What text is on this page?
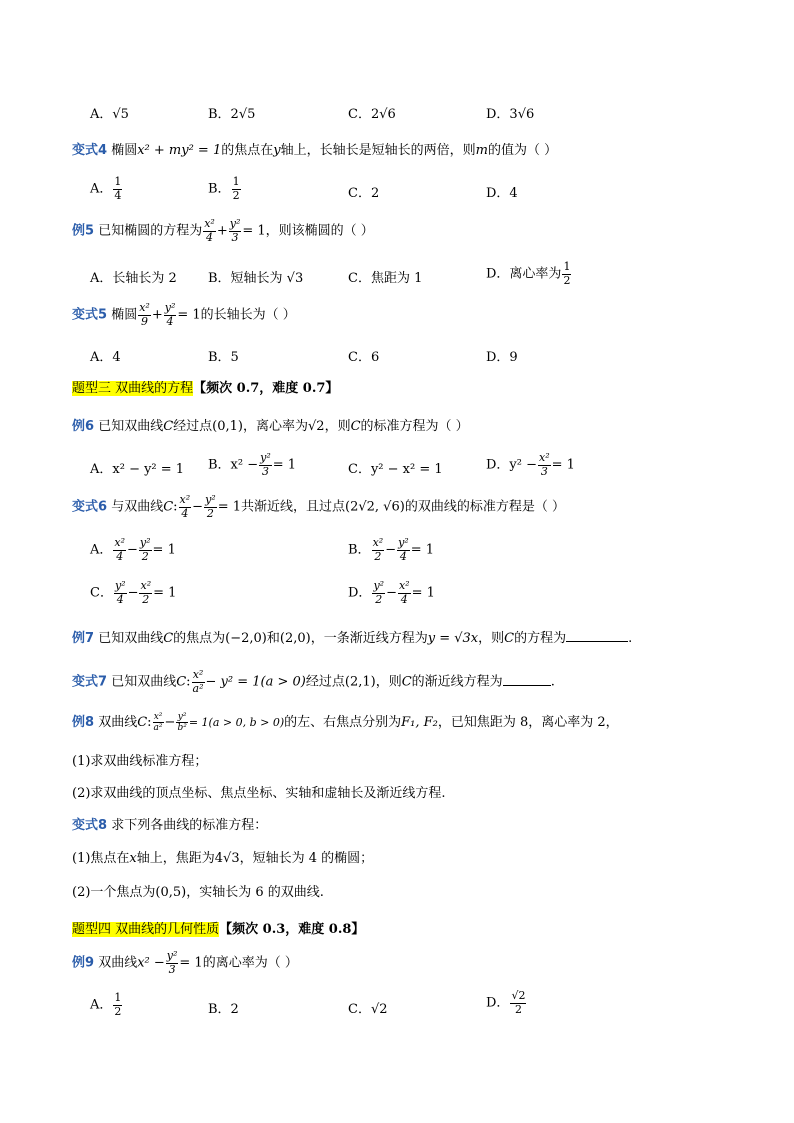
A．√5	B．2√5	C．2√6	D．3√6
变式4 椭圆x² + my² = 1的焦点在y轴上，长轴长是短轴长的两倍，则m的值为（ ）
A． $\frac{1}{4}$	B． $\frac{1}{2}$	C．2	D．4
例5 已知椭圆的方程为 $\frac{\text{x²}}{4} + \frac{\text{y²}}{3} = 1$，则该椭圆的（ ）
A．长轴长为 2 B．短轴长为 √3	C．焦距为 1	D．离心率为 $\frac{1}{2}$
变式5 椭圆 $\frac{\text{x²}}{9} + \frac{\text{y²}}{4} = 1$的长轴长为（ ）
A．4	B．5	C．6	D．9
题型三 双曲线的方程【频次 0.7，难度 0.7】
例6 已知双曲线C经过点(0,1)，离心率为√2，则C的标准方程为（ ）
A．x² − y² = 1 B．$x^2 - \frac{\text{y²}}{3} = 1$	C．y² − x² = 1	D．$y^2 - \frac{\text{x²}}{3} = 1$
变式6 与双曲线C: $\frac{\text{x²}}{4} - \frac{\text{y²}}{2} = 1$共渐近线，且过点(2√2, √6)的双曲线的标准方程是（ ）
A． $\frac{\text{x²}}{4} - \frac{\text{y²}}{2} = 1$	B． $\frac{\text{x²}}{2} - \frac{\text{y²}}{4} = 1$
C． $\frac{\text{y²}}{4} - \frac{\text{x²}}{2} = 1$	D． $\frac{\text{y²}}{2} - \frac{\text{x²}}{4} = 1$
例7 已知双曲线C的焦点为(−2,0)和(2,0)，一条渐近线方程为y = √3x，则C的方程为	.
变式7 已知双曲线C: $\frac{\text{x²}}{\text{a²}} - y^2 = 1(a > 0)$经过点(2,1)，则C的渐近线方程为	.
例8 双曲线C: $\frac{\text{x²}}{\text{a²}} - \frac{\text{y²}}{\text{b²}} = 1(a > 0$, b > 0)的左、右焦点分别为F₁, F₂，已知焦距为 8，离心率为 2，
(1)求双曲线标准方程；
(2)求双曲线的顶点坐标、焦点坐标、实轴和虚轴长及渐近线方程.
变式8 求下列各曲线的标准方程：
(1)焦点在x轴上，焦距为4√3，短轴长为 4 的椭圆；
(2)一个焦点为(0,5)，实轴长为 6 的双曲线.
题型四 双曲线的几何性质【频次 0.3，难度 0.8】
例9 双曲线$x^2 - \frac{\text{y²}}{3} = 1$的离心率为（ ）
A． $\frac{1}{2}$	B．2	C．√2	D． $\frac{√2}{2}$
